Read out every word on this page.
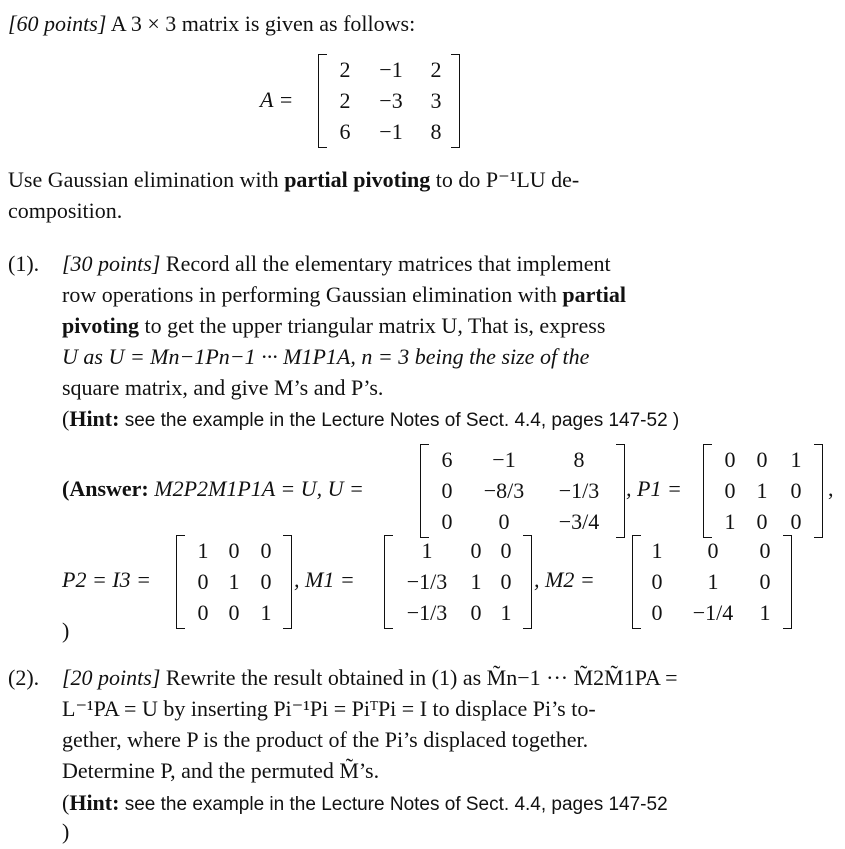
[60 points] A 3 × 3 matrix is given as follows:
A =
2	−1	2
2	−3	3
6	−1	8
Use Gaussian elimination with partial pivoting to do P⁻¹LU de-
composition.
(1). [30 points] Record all the elementary matrices that implement
row operations in performing Gaussian elimination with partial
pivoting to get the upper triangular matrix U, That is, express
U as U = Mn−1Pn−1 ··· M1P1A, n = 3 being the size of the
square matrix, and give M’s and P’s.
(Hint: see the example in the Lecture Notes of Sect. 4.4, pages 147-52 )
(Answer: M2P2M1P1A = U, U =
6	−1	8
0	−8/3	−1/3
0	0	−3/4
, P1 =
0 0	1
0 1	0
1 0	0
,
P2 = I3 =
1 0 0
0 1 0
0 0 1
, M1 =
1	0 0
−1/3	1 0
−1/3	0 1
, M2 =
1	0	0
0	1	0
0	−1/4	1
)
(2). [20 points] Rewrite the result obtained in (1) as M̃n−1 ··· M̃2M̃1PA =
L⁻¹PA = U by inserting Pi⁻¹Pi = PiᵀPi = I to displace Pi’s to-
gether, where P is the product of the Pi’s displaced together.
Determine P, and the permuted M̃’s.
(Hint: see the example in the Lecture Notes of Sect. 4.4, pages 147-52
)
